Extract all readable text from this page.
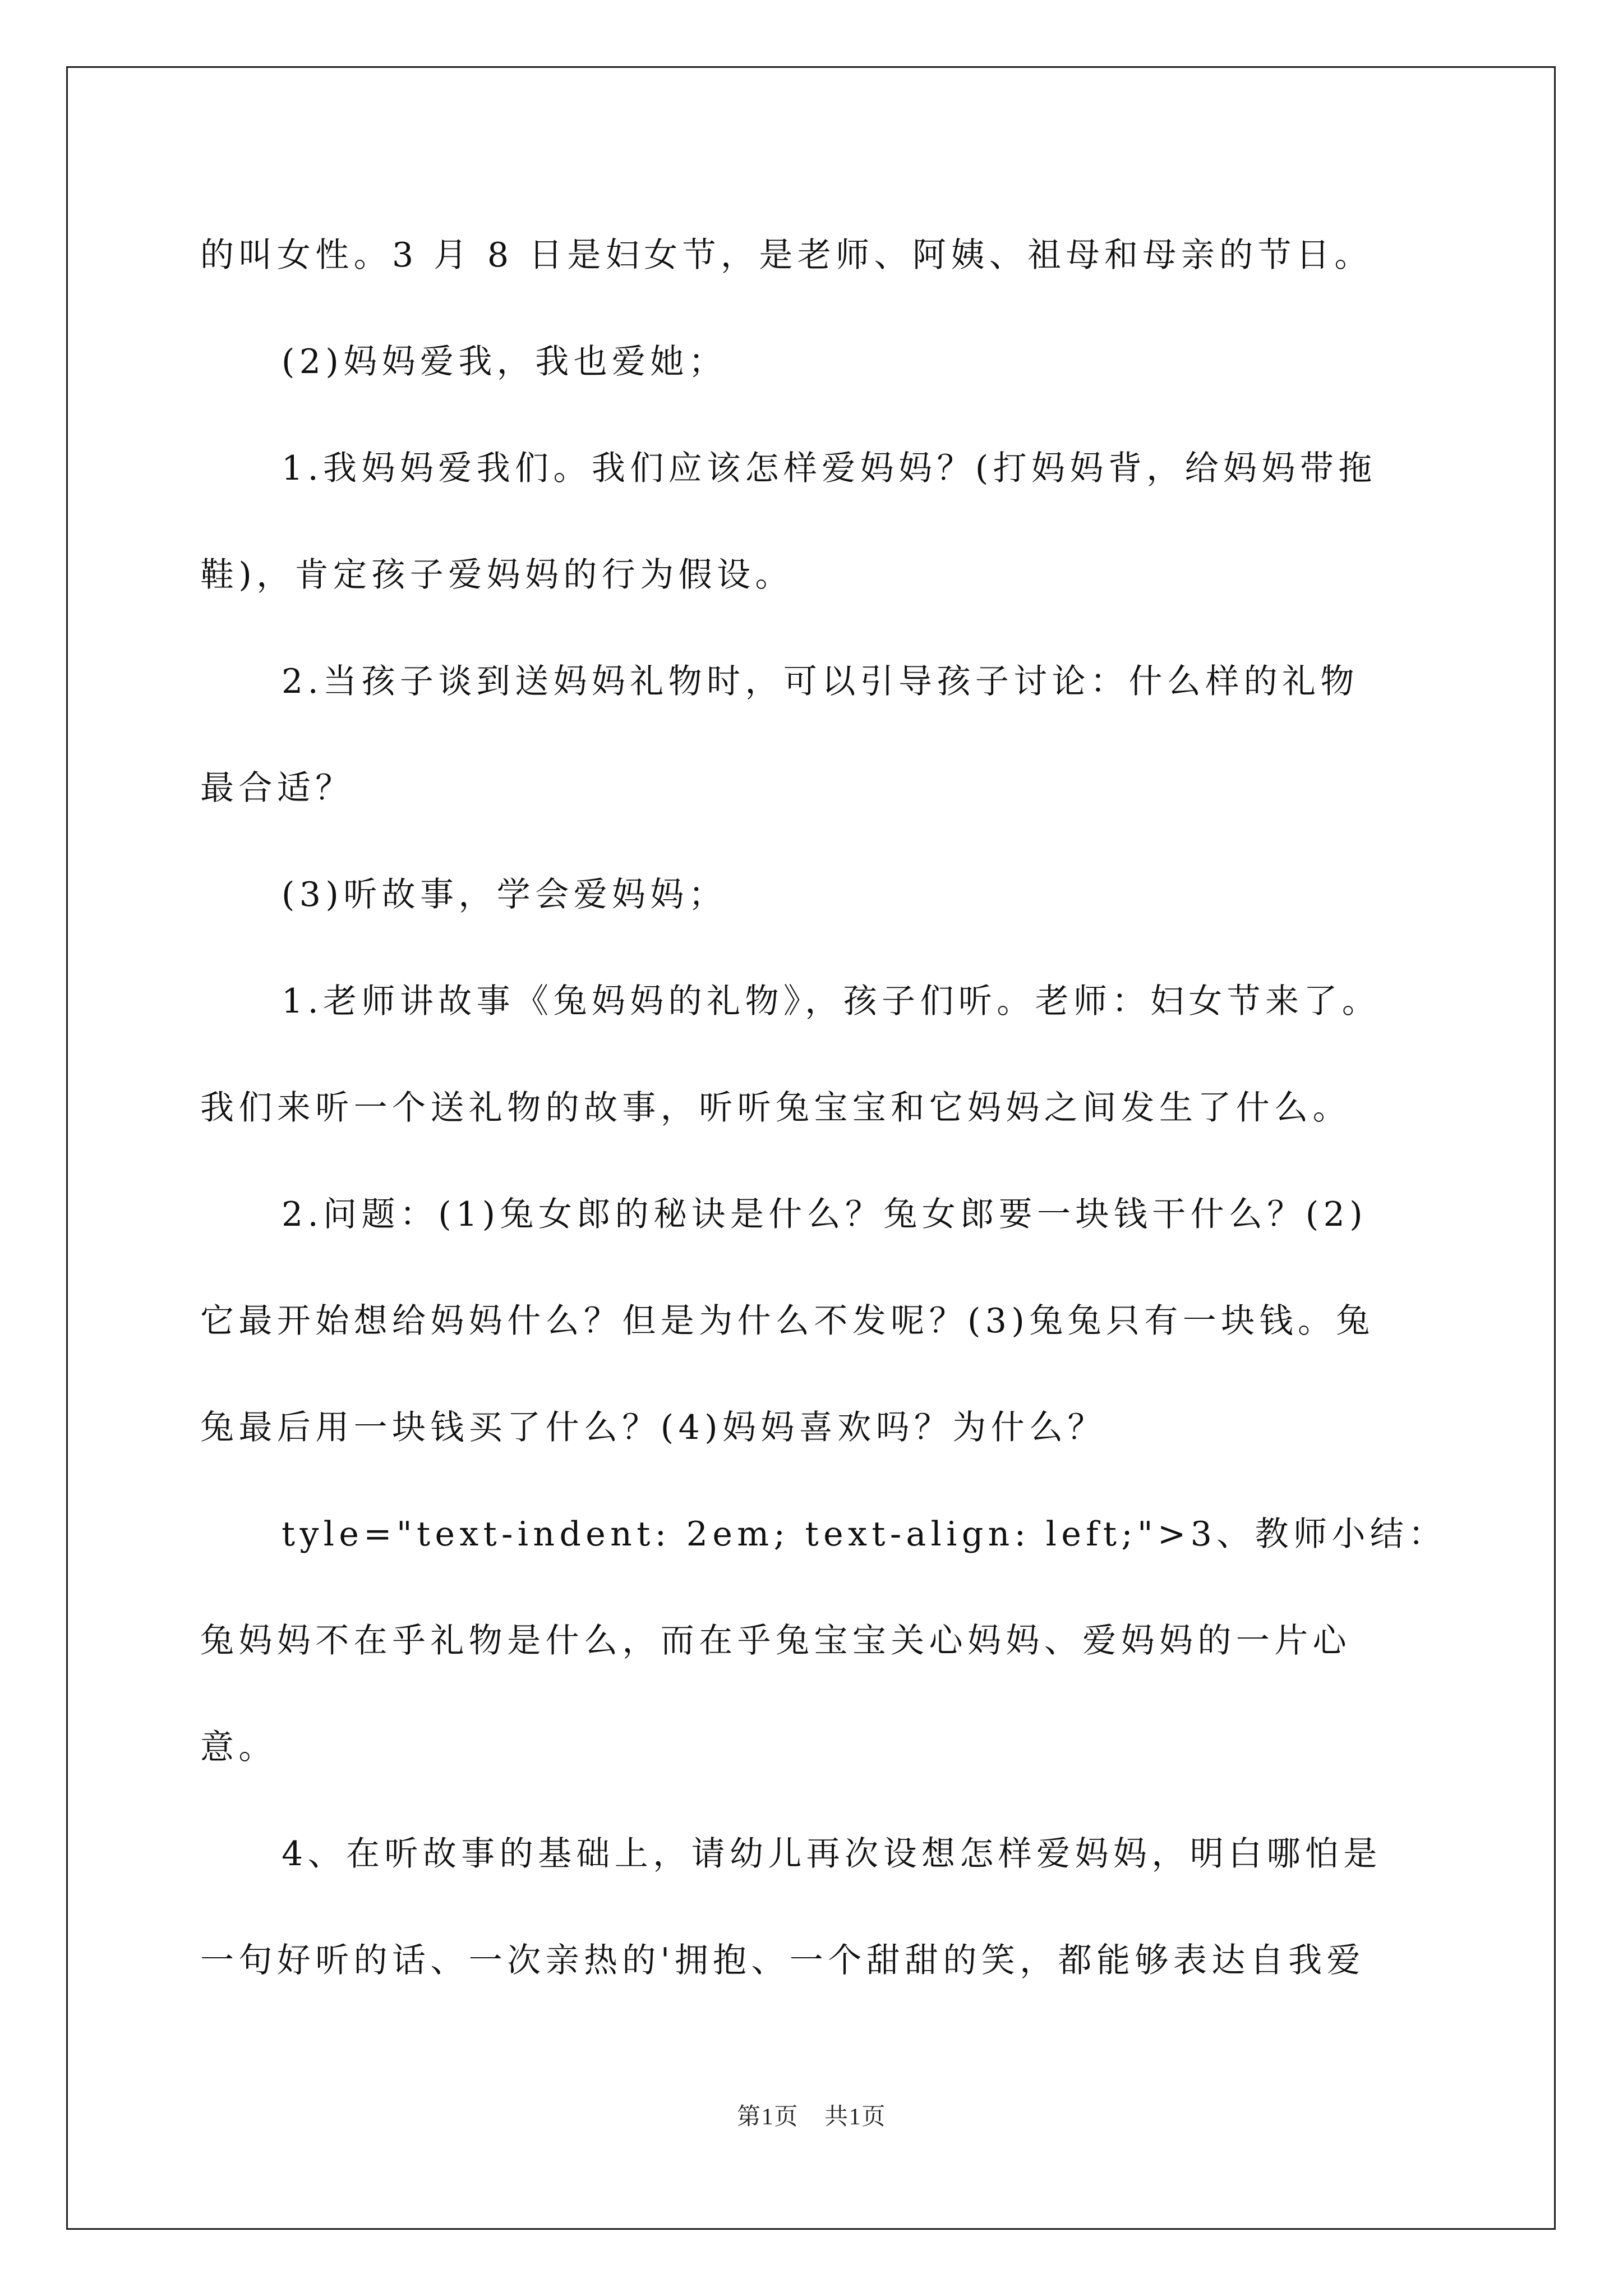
的叫女性。3 月 8 日是妇女节，是老师、阿姨、祖母和母亲的节日。
(2)妈妈爱我，我也爱她；
1.我妈妈爱我们。我们应该怎样爱妈妈？(打妈妈背，给妈妈带拖
鞋)，肯定孩子爱妈妈的行为假设。
2.当孩子谈到送妈妈礼物时，可以引导孩子讨论：什么样的礼物
最合适？
(3)听故事，学会爱妈妈；
1.老师讲故事《兔妈妈的礼物》，孩子们听。老师：妇女节来了。
我们来听一个送礼物的故事，听听兔宝宝和它妈妈之间发生了什么。
2.问题：(1)兔女郎的秘诀是什么？兔女郎要一块钱干什么？(2)
它最开始想给妈妈什么？但是为什么不发呢？(3)兔兔只有一块钱。兔
兔最后用一块钱买了什么？(4)妈妈喜欢吗？为什么？
tyle="text-indent: 2em; text-align: left;">3、教师小结：
兔妈妈不在乎礼物是什么，而在乎兔宝宝关心妈妈、爱妈妈的一片心
意。
4、在听故事的基础上，请幼儿再次设想怎样爱妈妈，明白哪怕是
一句好听的话、一次亲热的'拥抱、一个甜甜的笑，都能够表达自我爱
第1页 共1页
